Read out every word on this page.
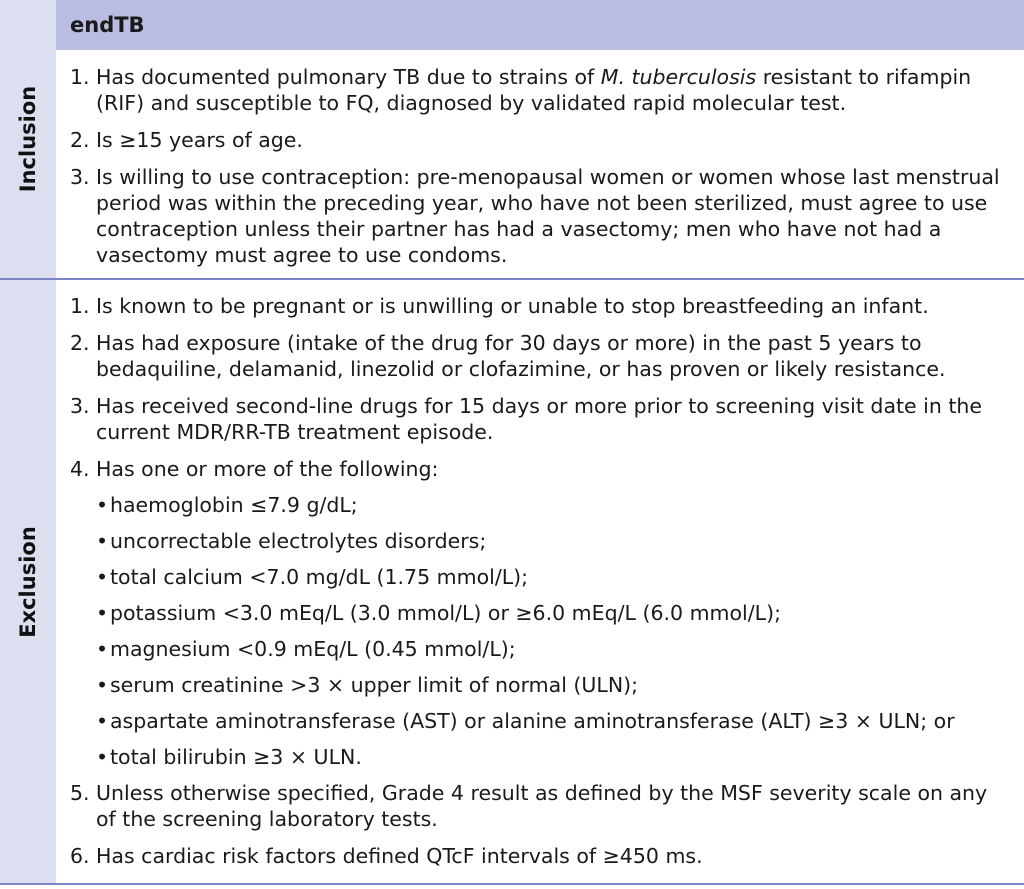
Inclusion
Exclusion
endTB
1. Has documented pulmonary TB due to strains of M. tuberculosis resistant to rifampin (RIF) and susceptible to FQ, diagnosed by validated rapid molecular test.
2. Is ≥15 years of age.
3. Is willing to use contraception: pre-menopausal women or women whose last menstrual period was within the preceding year, who have not been sterilized, must agree to use contraception unless their partner has had a vasectomy; men who have not had a vasectomy must agree to use condoms.
1. Is known to be pregnant or is unwilling or unable to stop breastfeeding an infant.
2. Has had exposure (intake of the drug for 30 days or more) in the past 5 years to bedaquiline, delamanid, linezolid or clofazimine, or has proven or likely resistance.
3. Has received second-line drugs for 15 days or more prior to screening visit date in the current MDR/RR-TB treatment episode.
4. Has one or more of the following:
•haemoglobin ≤7.9 g/dL;
•uncorrectable electrolytes disorders;
•total calcium <7.0 mg/dL (1.75 mmol/L);
•potassium <3.0 mEq/L (3.0 mmol/L) or ≥6.0 mEq/L (6.0 mmol/L);
•magnesium <0.9 mEq/L (0.45 mmol/L);
•serum creatinine >3 × upper limit of normal (ULN);
•aspartate aminotransferase (AST) or alanine aminotransferase (ALT) ≥3 × ULN; or
•total bilirubin ≥3 × ULN.
5. Unless otherwise specified, Grade 4 result as defined by the MSF severity scale on any of the screening laboratory tests.
6. Has cardiac risk factors defined QTcF intervals of ≥450 ms.
